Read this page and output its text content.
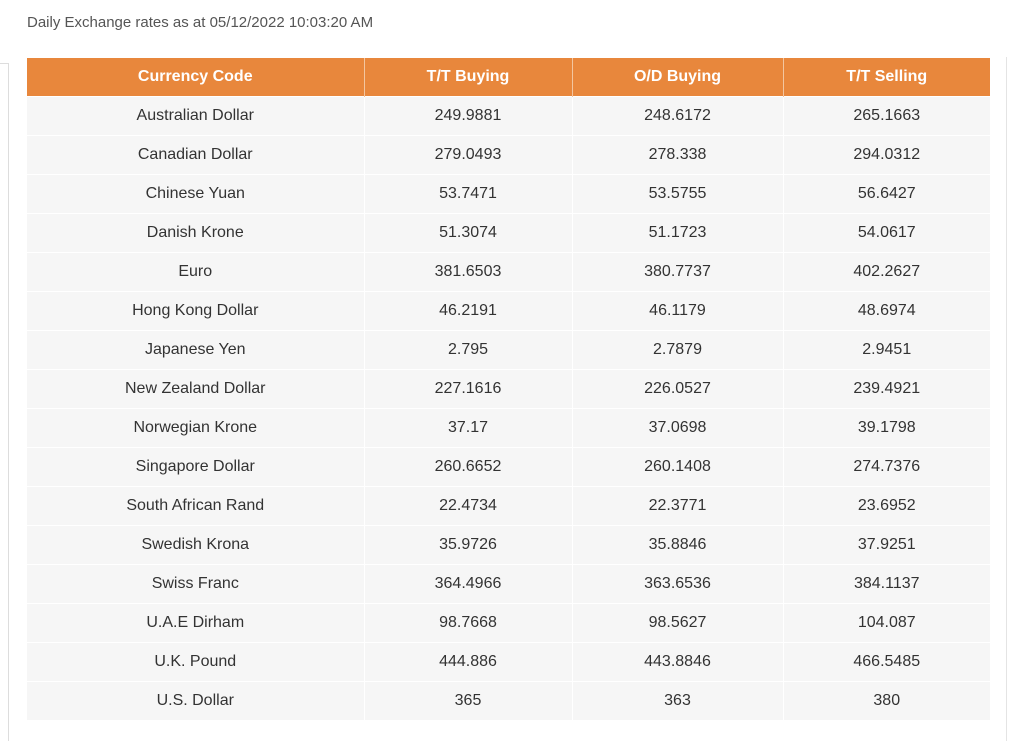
Daily Exchange rates as at 05/12/2022 10:03:20 AM
Currency Code	T/T Buying	O/D Buying	T/T Selling
Australian Dollar	249.9881	248.6172	265.1663
Canadian Dollar	279.0493	278.338	294.0312
Chinese Yuan	53.7471	53.5755	56.6427
Danish Krone	51.3074	51.1723	54.0617
Euro	381.6503	380.7737	402.2627
Hong Kong Dollar	46.2191	46.1179	48.6974
Japanese Yen	2.795	2.7879	2.9451
New Zealand Dollar	227.1616	226.0527	239.4921
Norwegian Krone	37.17	37.0698	39.1798
Singapore Dollar	260.6652	260.1408	274.7376
South African Rand	22.4734	22.3771	23.6952
Swedish Krona	35.9726	35.8846	37.9251
Swiss Franc	364.4966	363.6536	384.1137
U.A.E Dirham	98.7668	98.5627	104.087
U.K. Pound	444.886	443.8846	466.5485
U.S. Dollar	365	363	380
